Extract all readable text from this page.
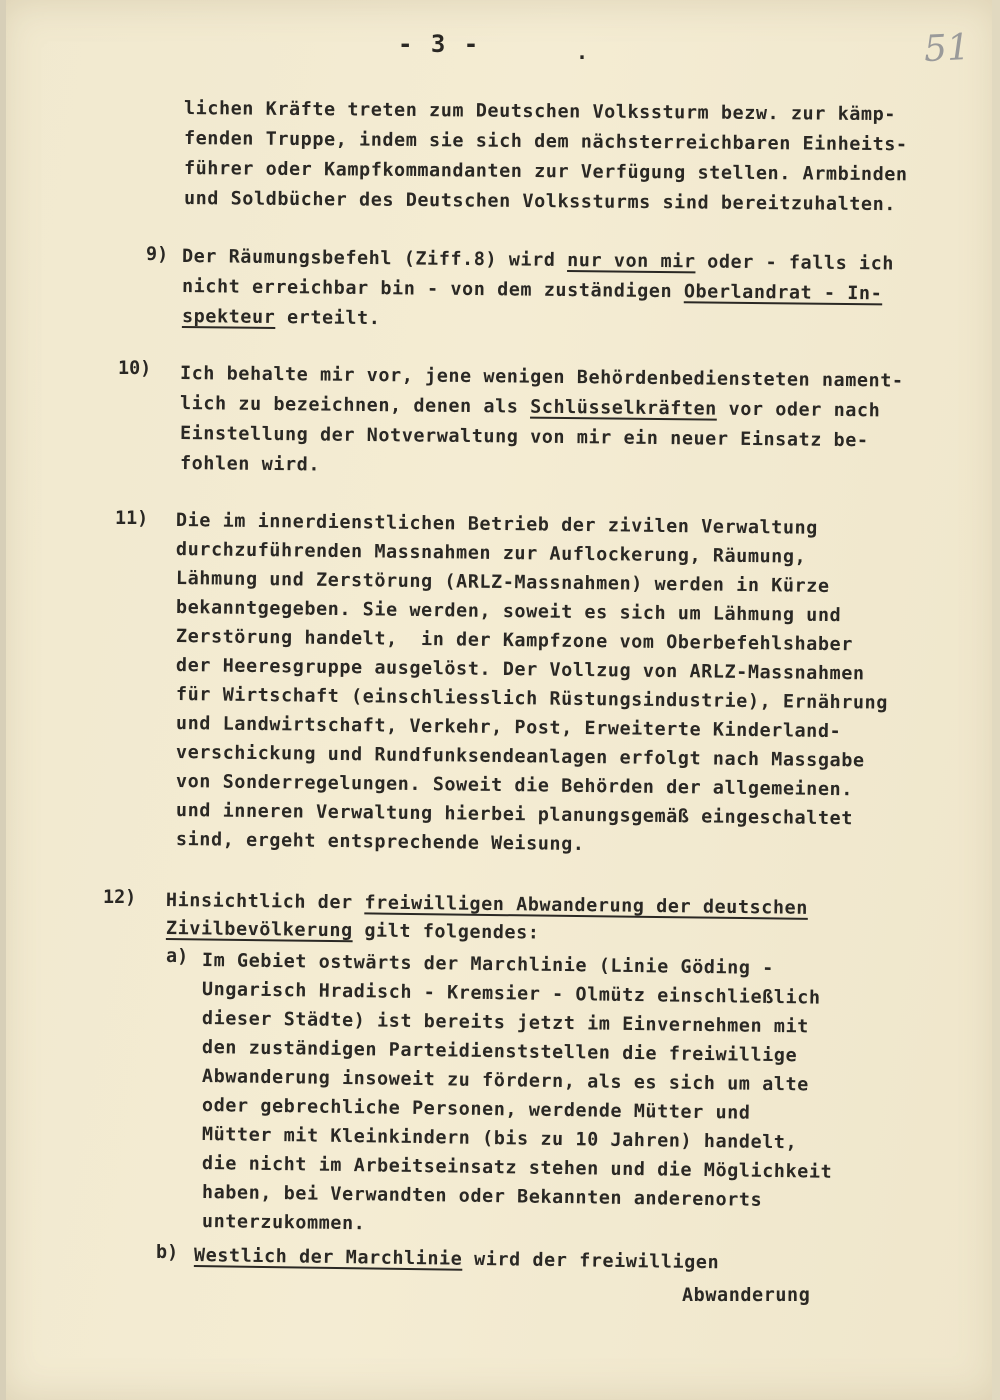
- 3 -	.	51
lichen Kräfte treten zum Deutschen Volkssturm bezw. zur kämp-
fenden Truppe, indem sie sich dem nächsterreichbaren Einheits-
führer oder Kampfkommandanten zur Verfügung stellen. Armbinden
und Soldbücher des Deutschen Volkssturms sind bereitzuhalten.
9) Der Räumungsbefehl (Ziff.8) wird nur von mir oder - falls ich
nicht erreichbar bin - von dem zuständigen Oberlandrat - In-
spekteur erteilt.
10) Ich behalte mir vor, jene wenigen Behördenbediensteten nament-
lich zu bezeichnen, denen als Schlüsselkräften vor oder nach
Einstellung der Notverwaltung von mir ein neuer Einsatz be-
fohlen wird.
11) Die im innerdienstlichen Betrieb der zivilen Verwaltung
durchzuführenden Massnahmen zur Auflockerung, Räumung,
Lähmung und Zerstörung (ARLZ-Massnahmen) werden in Kürze
bekanntgegeben. Sie werden, soweit es sich um Lähmung und
Zerstörung handelt,  in der Kampfzone vom Oberbefehlshaber
der Heeresgruppe ausgelöst. Der Vollzug von ARLZ-Massnahmen
für Wirtschaft (einschliesslich Rüstungsindustrie), Ernährung
und Landwirtschaft, Verkehr, Post, Erweiterte Kinderland-
verschickung und Rundfunksendeanlagen erfolgt nach Massgabe
von Sonderregelungen. Soweit die Behörden der allgemeinen.
und inneren Verwaltung hierbei planungsgemäß eingeschaltet
sind, ergeht entsprechende Weisung.
12) Hinsichtlich der freiwilligen Abwanderung der deutschen
Zivilbevölkerung gilt folgendes:
a) Im Gebiet ostwärts der Marchlinie (Linie Göding -
Ungarisch Hradisch - Kremsier - Olmütz einschließlich
dieser Städte) ist bereits jetzt im Einvernehmen mit
den zuständigen Parteidienststellen die freiwillige
Abwanderung insoweit zu fördern, als es sich um alte
oder gebrechliche Personen, werdende Mütter und
Mütter mit Kleinkindern (bis zu 10 Jahren) handelt,
die nicht im Arbeitseinsatz stehen und die Möglichkeit
haben, bei Verwandten oder Bekannten anderenorts
unterzukommen.
b) Westlich der Marchlinie wird der freiwilligen
Abwanderung
